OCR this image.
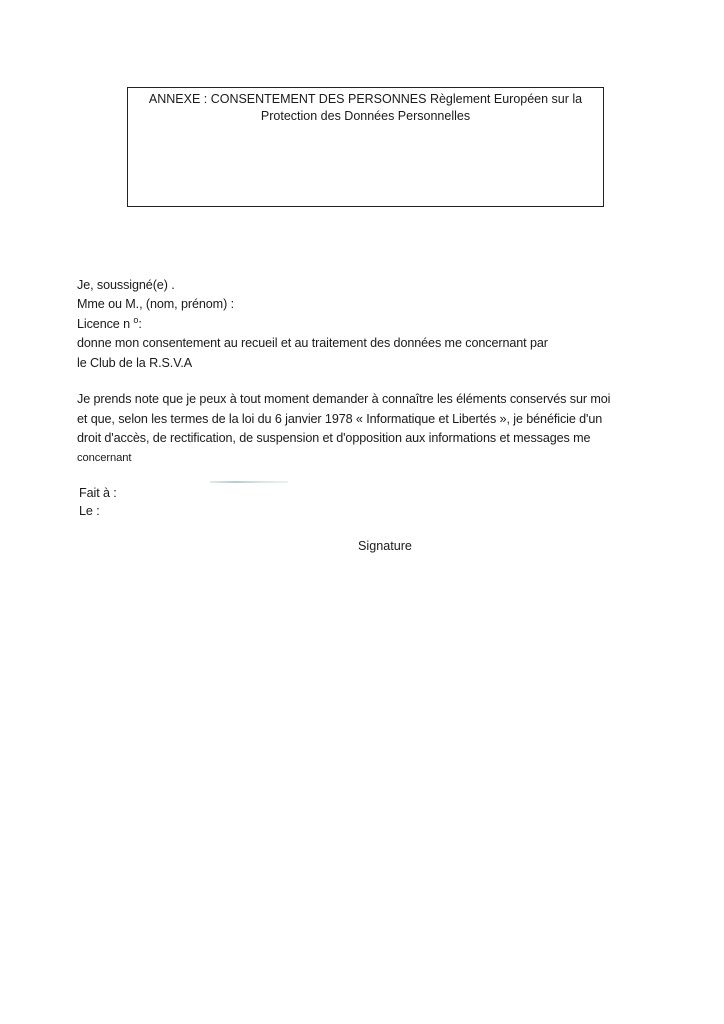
ANNEXE : CONSENTEMENT DES PERSONNES Règlement Européen sur la
Protection des Données Personnelles
Je, soussigné(e) .
Mme ou M., (nom, prénom) :
Licence n $^o$:
donne mon consentement au recueil et au traitement des données me concernant par
le Club de la R.S.V.A
Je prends note que je peux à tout moment demander à connaître les éléments conservés sur moi
et que, selon les termes de la loi du 6 janvier 1978 « Informatique et Libertés », je bénéficie d'un
droit d'accès, de rectification, de suspension et d'opposition aux informations et messages me
concernant
Fait à :
Le :
Signature
